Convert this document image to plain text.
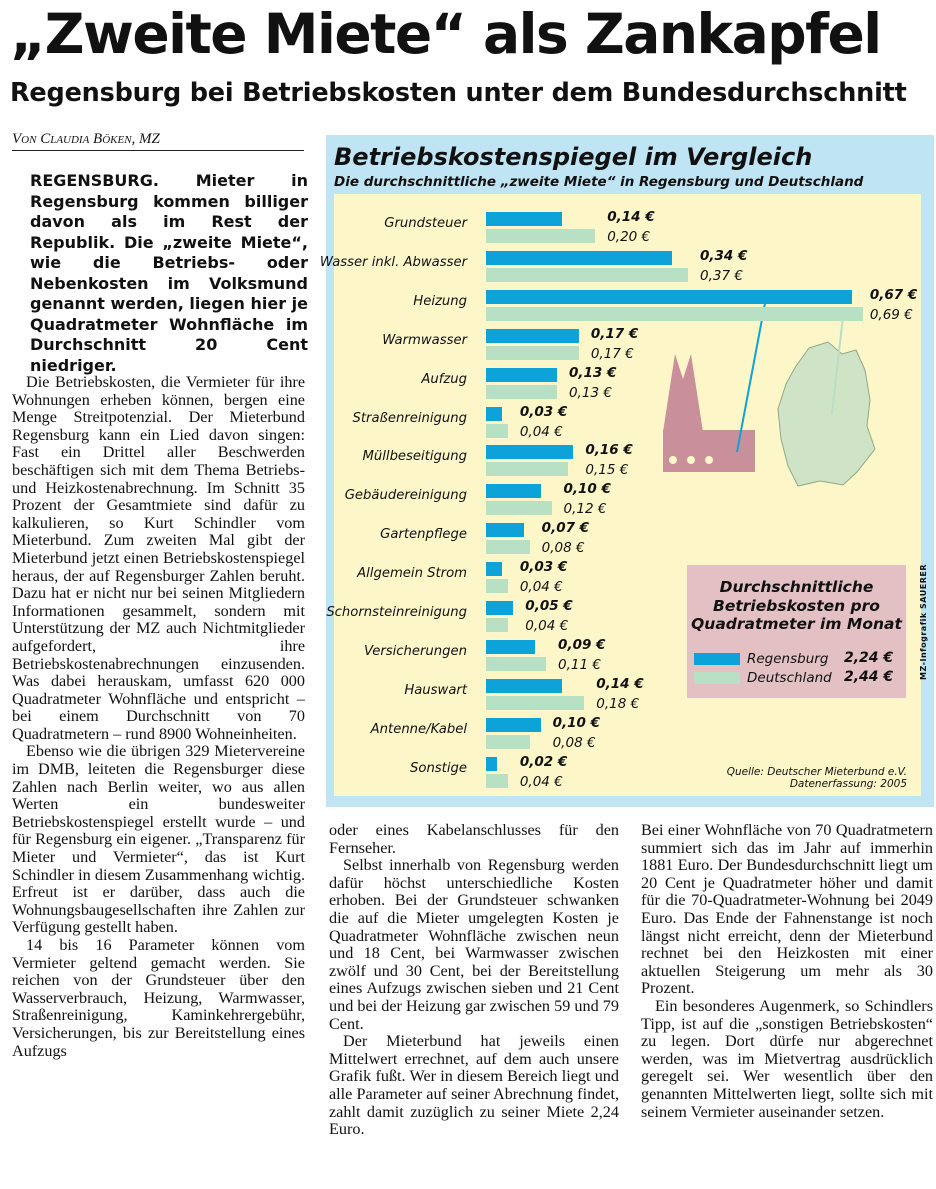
„Zweite Miete“ als Zankapfel
Regensburg bei Betriebskosten unter dem Bundesdurchschnitt
Von Claudia Böken, MZ
REGENSBURG. Mieter in Regensburg kommen billiger davon als im Rest der Republik. Die „zweite Miete“, wie die Betriebs- oder Nebenkosten im Volksmund genannt werden, liegen hier je Quadratmeter Wohnfläche im Durchschnitt 20 Cent niedriger.

Die Betriebskosten, die Vermieter für ihre Wohnungen erheben können, bergen eine Menge Streitpotenzial. Der Mieterbund Regensburg kann ein Lied davon singen: Fast ein Drittel aller Beschwerden beschäftigen sich mit dem Thema Betriebs- und Heizkostenabrechnung. Im Schnitt 35 Prozent der Gesamtmiete sind dafür zu kalkulieren, so Kurt Schindler vom Mieterbund. Zum zweiten Mal gibt der Mieterbund jetzt einen Betriebskostenspiegel heraus, der auf Regensburger Zahlen beruht. Dazu hat er nicht nur bei seinen Mitgliedern Informationen gesammelt, sondern mit Unterstützung der MZ auch Nichtmitglieder aufgefordert, ihre Betriebskostenabrechnungen einzusenden. Was dabei herauskam, umfasst 620 000 Quadratmeter Wohnfläche und entspricht – bei einem Durchschnitt von 70 Quadratmetern – rund 8900 Wohneinheiten.

Ebenso wie die übrigen 329 Mietervereine im DMB, leiteten die Regensburger diese Zahlen nach Berlin weiter, wo aus allen Werten ein bundesweiter Betriebskostenspiegel erstellt wurde – und für Regensburg ein eigener. „Transparenz für Mieter und Vermieter“, das ist Kurt Schindler in diesem Zusammenhang wichtig. Erfreut ist er darüber, dass auch die Wohnungsbaugesellschaften ihre Zahlen zur Verfügung gestellt haben.

14 bis 16 Parameter können vom Vermieter geltend gemacht werden. Sie reichen von der Grundsteuer über den Wasserverbrauch, Heizung, Warmwasser, Straßenreinigung, Kaminkehrergebühr, Versicherungen, bis zur Bereitstellung eines Aufzugs

oder eines Kabelanschlusses für den Fernseher.

Selbst innerhalb von Regensburg werden dafür höchst unterschiedliche Kosten erhoben. Bei der Grundsteuer schwanken die auf die Mieter umgelegten Kosten je Quadratmeter Wohnfläche zwischen neun und 18 Cent, bei Warmwasser zwischen zwölf und 30 Cent, bei der Bereitstellung eines Aufzugs zwischen sieben und 21 Cent und bei der Heizung gar zwischen 59 und 79 Cent.

Der Mieterbund hat jeweils einen Mittelwert errechnet, auf dem auch unsere Grafik fußt. Wer in diesem Bereich liegt und alle Parameter auf seiner Abrechnung findet, zahlt damit zuzüglich zu seiner Miete 2,24 Euro.

Bei einer Wohnfläche von 70 Quadratmetern summiert sich das im Jahr auf immerhin 1881 Euro. Der Bundesdurchschnitt liegt um 20 Cent je Quadratmeter höher und damit für die 70-Quadratmeter-Wohnung bei 2049 Euro. Das Ende der Fahnenstange ist noch längst nicht erreicht, denn der Mieterbund rechnet bei den Heizkosten mit einer aktuellen Steigerung um mehr als 30 Prozent.

Ein besonderes Augenmerk, so Schindlers Tipp, ist auf die „sonstigen Betriebskosten“ zu legen. Dort dürfe nur abgerechnet werden, was im Mietvertrag ausdrücklich geregelt sei. Wer wesentlich über den genannten Mittelwerten liegt, sollte sich mit seinem Vermieter auseinander setzen.

Betriebskostenspiegel im Vergleich
Die durchschnittliche „zweite Miete“ in Regensburg und Deutschland
Grundsteuer	0,14 €
0,20 €
Wasser inkl. Abwasser	0,34 €
0,37 €
Heizung	0,67 €
0,69 €
Warmwasser	0,17 €
0,17 €
Aufzug	0,13 €
0,13 €
Straßenreinigung	0,03 €
0,04 €
Müllbeseitigung	0,16 €
0,15 €
Gebäudereinigung	0,10 €
0,12 €
Gartenpflege	0,07 €
0,08 €
Allgemein Strom	0,03 €
0,04 €
Schornsteinreinigung	0,05 €
0,04 €
Versicherungen	0,09 €
0,11 €
Hauswart	0,14 €
0,18 €
Antenne/Kabel	0,10 €
0,08 €
Sonstige	0,02 €
0,04 €
Durchschnittliche Betriebskosten pro Quadratmeter im Monat
Regensburg 2,24 €
Deutschland 2,44 €	MZ-Infografik SAUERER
Quelle: Deutscher Mieterbund e.V.
Datenerfassung: 2005
